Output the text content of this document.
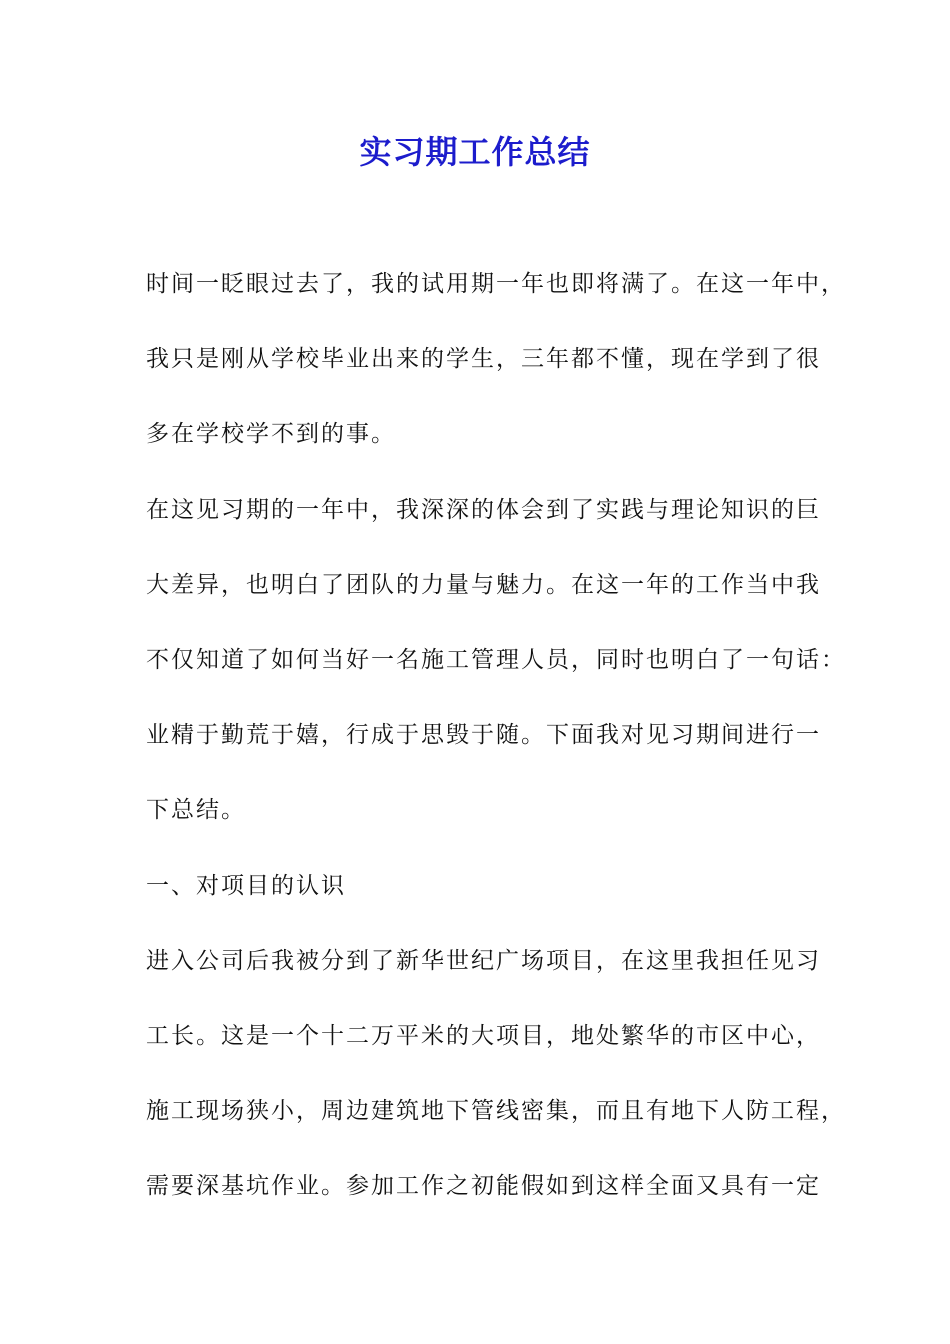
实习期工作总结
时间一眨眼过去了，我的试用期一年也即将满了。在这一年中，
我只是刚从学校毕业出来的学生，三年都不懂，现在学到了很
多在学校学不到的事。
在这见习期的一年中，我深深的体会到了实践与理论知识的巨
大差异，也明白了团队的力量与魅力。在这一年的工作当中我
不仅知道了如何当好一名施工管理人员，同时也明白了一句话：
业精于勤荒于嬉，行成于思毁于随。下面我对见习期间进行一
下总结。
一、对项目的认识
进入公司后我被分到了新华世纪广场项目，在这里我担任见习
工长。这是一个十二万平米的大项目，地处繁华的市区中心，
施工现场狭小，周边建筑地下管线密集，而且有地下人防工程，
需要深基坑作业。参加工作之初能假如到这样全面又具有一定
